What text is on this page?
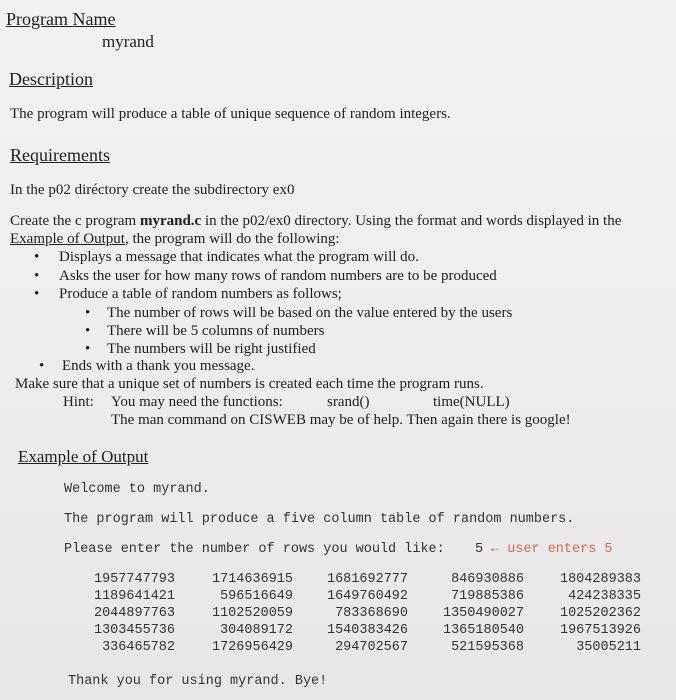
Program Name
myrand
Description
The program will produce a table of unique sequence of random integers.
Requirements
In the p02 diréctory create the subdirectory ex0
Create the c program myrand.c in the p02/ex0 directory. Using the format and words displayed in the
Example of Output, the program will do the following:
• Displays a message that indicates what the program will do.
• Asks the user for how many rows of random numbers are to be produced
• Produce a table of random numbers as follows;
• The number of rows will be based on the value entered by the users
• There will be 5 columns of numbers
• The numbers will be right justified
• Ends with a thank you message.
Make sure that a unique set of numbers is created each time the program runs.
Hint: You may need the functions:	srand()	time(NULL)
The man command on CISWEB may be of help. Then again there is google!
Example of Output
Welcome to myrand.
The program will produce a five column table of random numbers.
Please enter the number of rows you would like: 5 ← user enters 5
1957747793	1714636915	1681692777	846930886	1804289383
1189641421	596516649	1649760492	719885386	424238335
2044897763	1102520059	783368690	1350490027	1025202362
1303455736	304089172	1540383426	1365180540	1967513926
336465782	1726956429	294702567	521595368	35005211
Thank you for using myrand. Bye!
